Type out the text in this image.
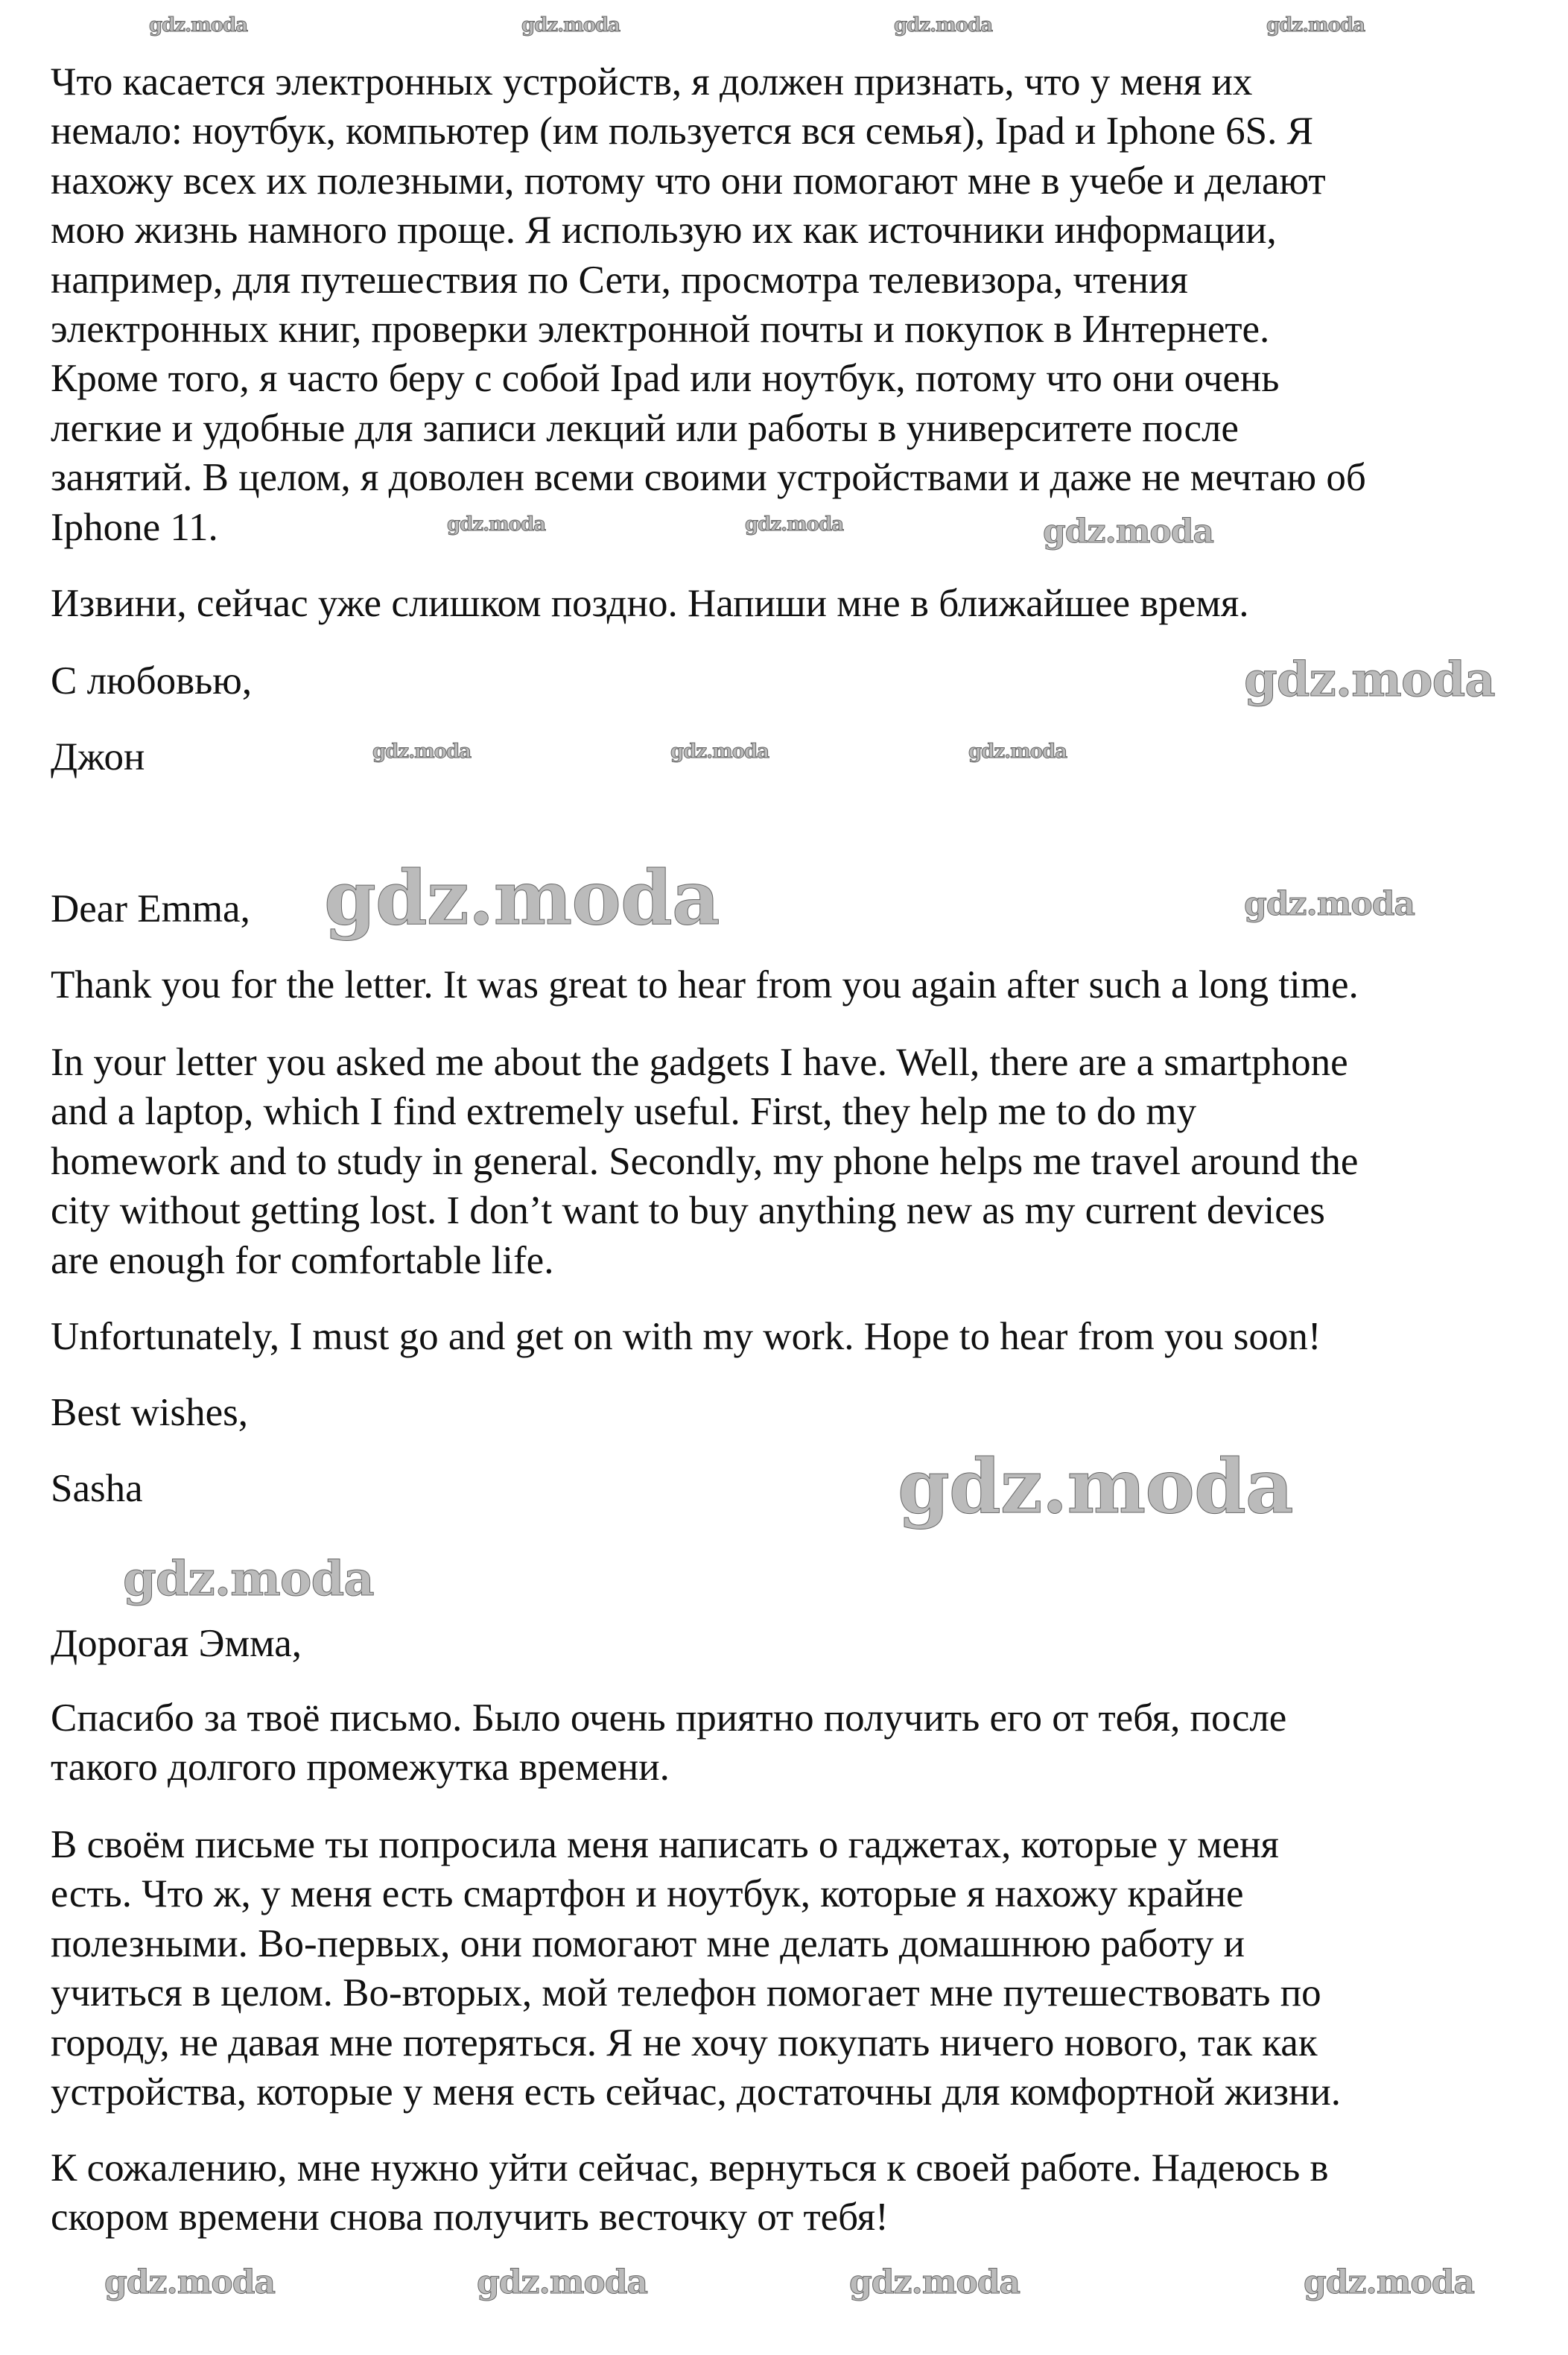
Что касается электронных устройств, я должен признать, что у меня их
немало: ноутбук, компьютер (им пользуется вся семья), Ipad и Iphone 6S. Я
нахожу всех их полезными, потому что они помогают мне в учебе и делают
мою жизнь намного проще. Я использую их как источники информации,
например, для путешествия по Сети, просмотра телевизора, чтения
электронных книг, проверки электронной почты и покупок в Интернете.
Кроме того, я часто беру с собой Ipad или ноутбук, потому что они очень
легкие и удобные для записи лекций или работы в университете после
занятий. В целом, я доволен всеми своими устройствами и даже не мечтаю об
Iphone 11.
Извини, сейчас уже слишком поздно. Напиши мне в ближайшее время.
С любовью,
Джон
Dear Emma,
Thank you for the letter. It was great to hear from you again after such a long time.
In your letter you asked me about the gadgets I have. Well, there are a smartphone
and a laptop, which I find extremely useful. First, they help me to do my
homework and to study in general. Secondly, my phone helps me travel around the
city without getting lost. I don’t want to buy anything new as my current devices
are enough for comfortable life.
Unfortunately, I must go and get on with my work. Hope to hear from you soon!
Best wishes,
Sasha
Дорогая Эмма,
Спасибо за твоё письмо. Было очень приятно получить его от тебя, после
такого долгого промежутка времени.
В своём письме ты попросила меня написать о гаджетах, которые у меня
есть. Что ж, у меня есть смартфон и ноутбук, которые я нахожу крайне
полезными. Во-первых, они помогают мне делать домашнюю работу и
учиться в целом. Во-вторых, мой телефон помогает мне путешествовать по
городу, не давая мне потеряться. Я не хочу покупать ничего нового, так как
устройства, которые у меня есть сейчас, достаточны для комфортной жизни.
К сожалению, мне нужно уйти сейчас, вернуться к своей работе. Надеюсь в
скором времени снова получить весточку от тебя!
gdz.moda	gdz.moda	gdz.moda	gdz.moda
gdz.moda	gdz.moda	gdz.moda
gdz.moda
gdz.moda	gdz.moda	gdz.moda
gdz.moda	gdz.moda
gdz.moda
gdz.moda
gdz.moda	gdz.moda	gdz.moda	gdz.moda
